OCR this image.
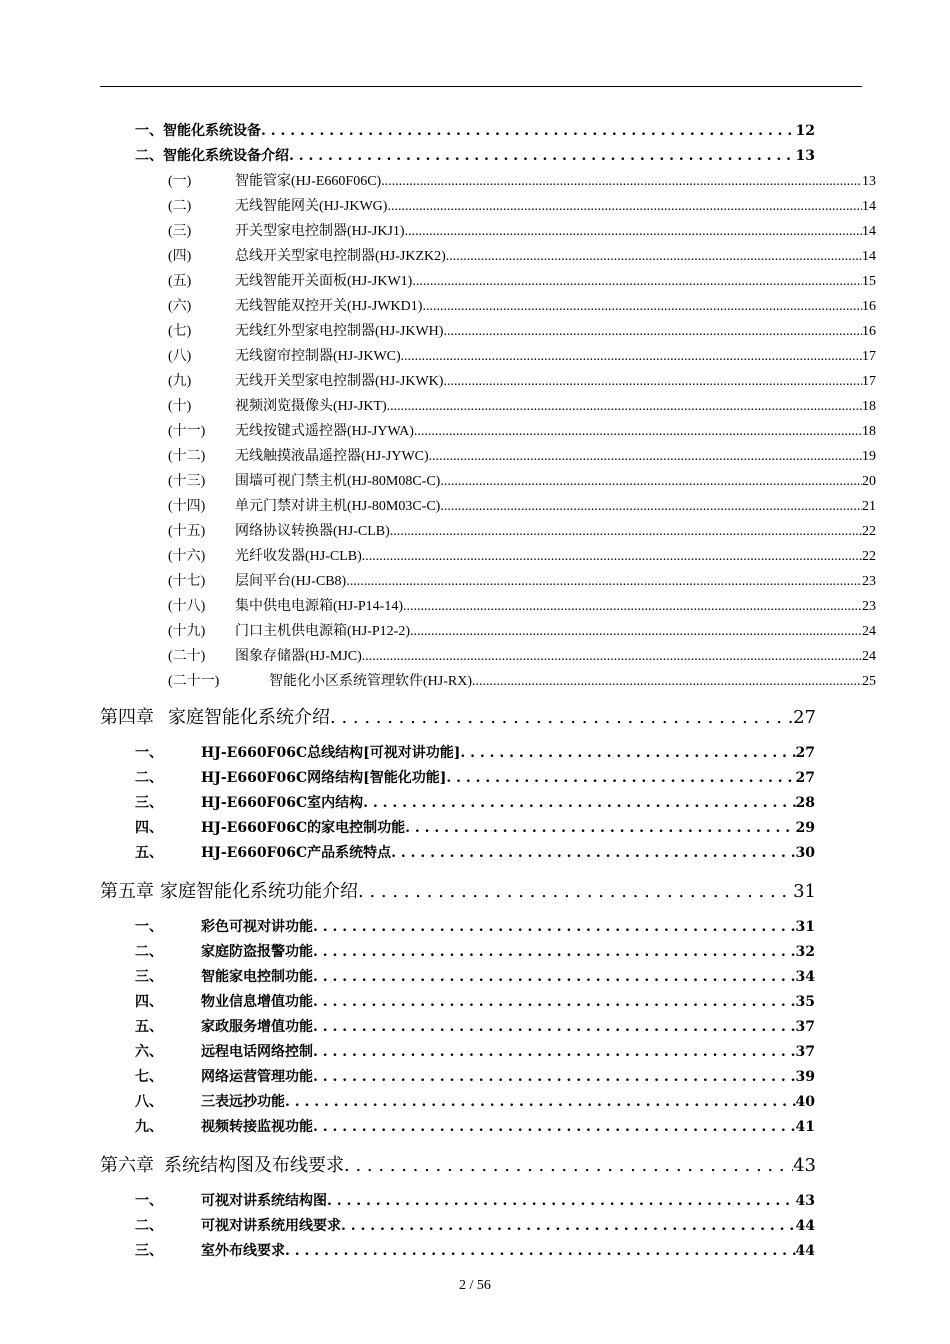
一、 智能化系统设备 . . .	12
二、 智能化系统设备介绍 . . .	13
(一)	智能管家(HJ-E660F06C) .....	13
(二)	无线智能网关(HJ-JKWG) .....	14
(三)	开关型家电控制器(HJ-JKJ1) .....	14
(四)	总线开关型家电控制器(HJ-JKZK2) .....	14
(五)	无线智能开关面板(HJ-JKW1) .....	15
(六)	无线智能双控开关(HJ-JWKD1) .....	16
(七)	无线红外型家电控制器(HJ-JKWH) .....	16
(八)	无线窗帘控制器(HJ-JKWC) .....	17
(九)	无线开关型家电控制器(HJ-JKWK) .....	17
(十)	视频浏览摄像头(HJ-JKT) .....	18
(十一)	无线按键式遥控器(HJ-JYWA) .....	18
(十二)	无线触摸液晶遥控器(HJ-JYWC) .....	19
(十三)	围墙可视门禁主机(HJ-80M08C-C) .....	20
(十四)	单元门禁对讲主机(HJ-80M03C-C) .....	21
(十五)	网络协议转换器(HJ-CLB) .....	22
(十六)	光纤收发器(HJ-CLB) .....	22
(十七)	层间平台(HJ-CB8) .....	23
(十八)	集中供电电源箱(HJ-P14-14) .....	23
(十九)	门口主机供电源箱(HJ-P12-2) .....	24
(二十)	图象存储器(HJ-MJC) .....	24
(二十一)	智能化小区系统管理软件(HJ-RX) .....	25
第四章 家庭智能化系统介绍 . . .	27
一、	HJ-E660F06C总线结构[可视对讲功能] . . .	27
二、	HJ-E660F06C网络结构[智能化功能] . . .	27
三、	HJ-E660F06C室内结构 . . .	28
四、	HJ-E660F06C的家电控制功能 . . .	29
五、	HJ-E660F06C产品系统特点 . . .	30
第五章 家庭智能化系统功能介绍 . . .	31
一、	彩色可视对讲功能 . . .	31
二、	家庭防盗报警功能 . . .	32
三、	智能家电控制功能 . . .	34
四、	物业信息增值功能 . . .	35
五、	家政服务增值功能 . . .	37
六、	远程电话网络控制 . . .	37
七、	网络运营管理功能 . . .	39
八、	三表远抄功能 . . .	40
九、	视频转接监视功能 . . .	41
第六章 系统结构图及布线要求 . . .	43
一、	可视对讲系统结构图 . . .	43
二、	可视对讲系统用线要求 . . .	44
三、	室外布线要求 . . .	44
2 / 56
